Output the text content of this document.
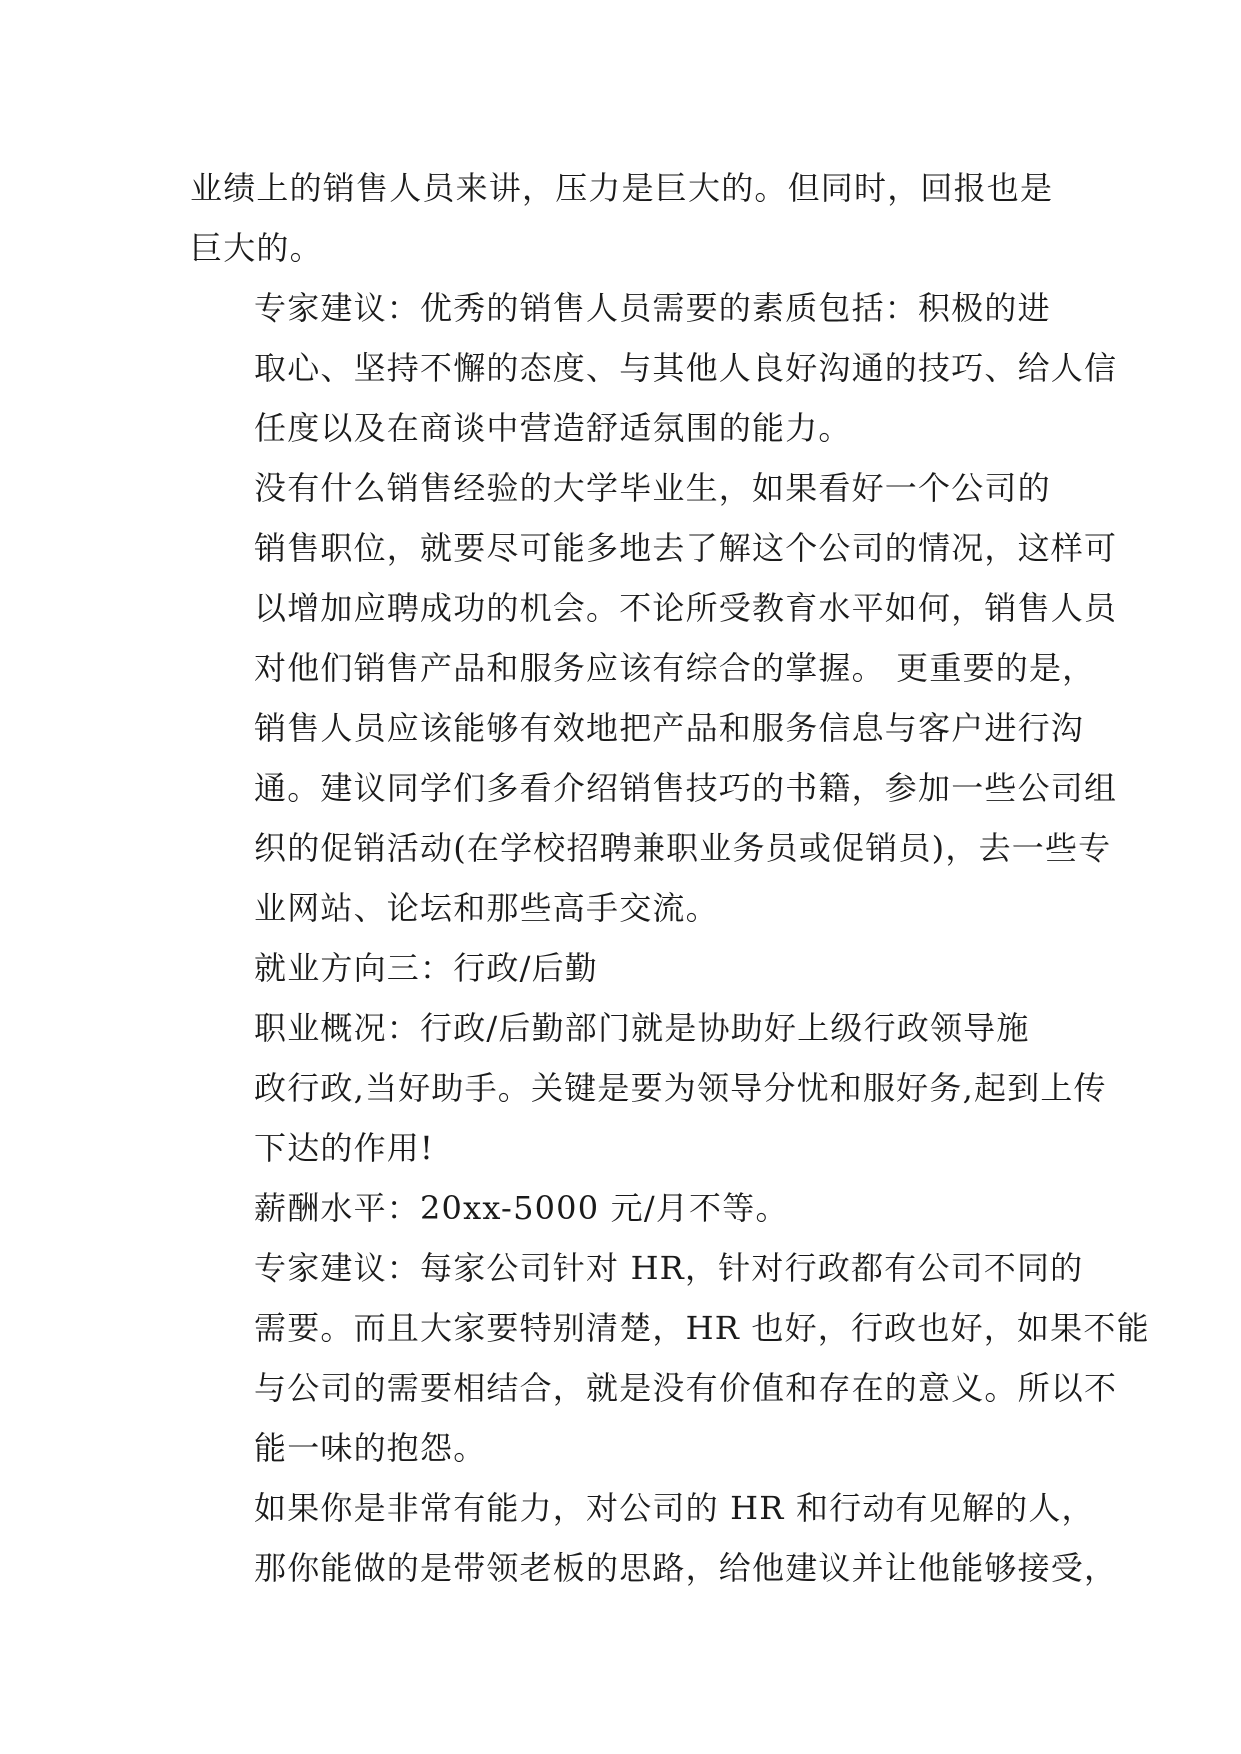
业绩上的销售人员来讲，压力是巨大的。但同时，回报也是
巨大的。

专家建议：优秀的销售人员需要的素质包括：积极的进
取心、坚持不懈的态度、与其他人良好沟通的技巧、给人信
任度以及在商谈中营造舒适氛围的能力。

没有什么销售经验的大学毕业生，如果看好一个公司的
销售职位，就要尽可能多地去了解这个公司的情况，这样可
以增加应聘成功的机会。不论所受教育水平如何，销售人员
对他们销售产品和服务应该有综合的掌握。 更重要的是，
销售人员应该能够有效地把产品和服务信息与客户进行沟
通。建议同学们多看介绍销售技巧的书籍，参加一些公司组
织的促销活动(在学校招聘兼职业务员或促销员)，去一些专
业网站、论坛和那些高手交流。

就业方向三：行政/后勤

职业概况：行政/后勤部门就是协助好上级行政领导施
政行政,当好助手。关键是要为领导分忧和服好务,起到上传
下达的作用!

薪酬水平：20xx-5000 元/月不等。

专家建议：每家公司针对 HR，针对行政都有公司不同的
需要。而且大家要特别清楚，HR 也好，行政也好，如果不能
与公司的需要相结合，就是没有价值和存在的意义。所以不
能一味的抱怨。

如果你是非常有能力，对公司的 HR 和行动有见解的人，
那你能做的是带领老板的思路，给他建议并让他能够接受，
